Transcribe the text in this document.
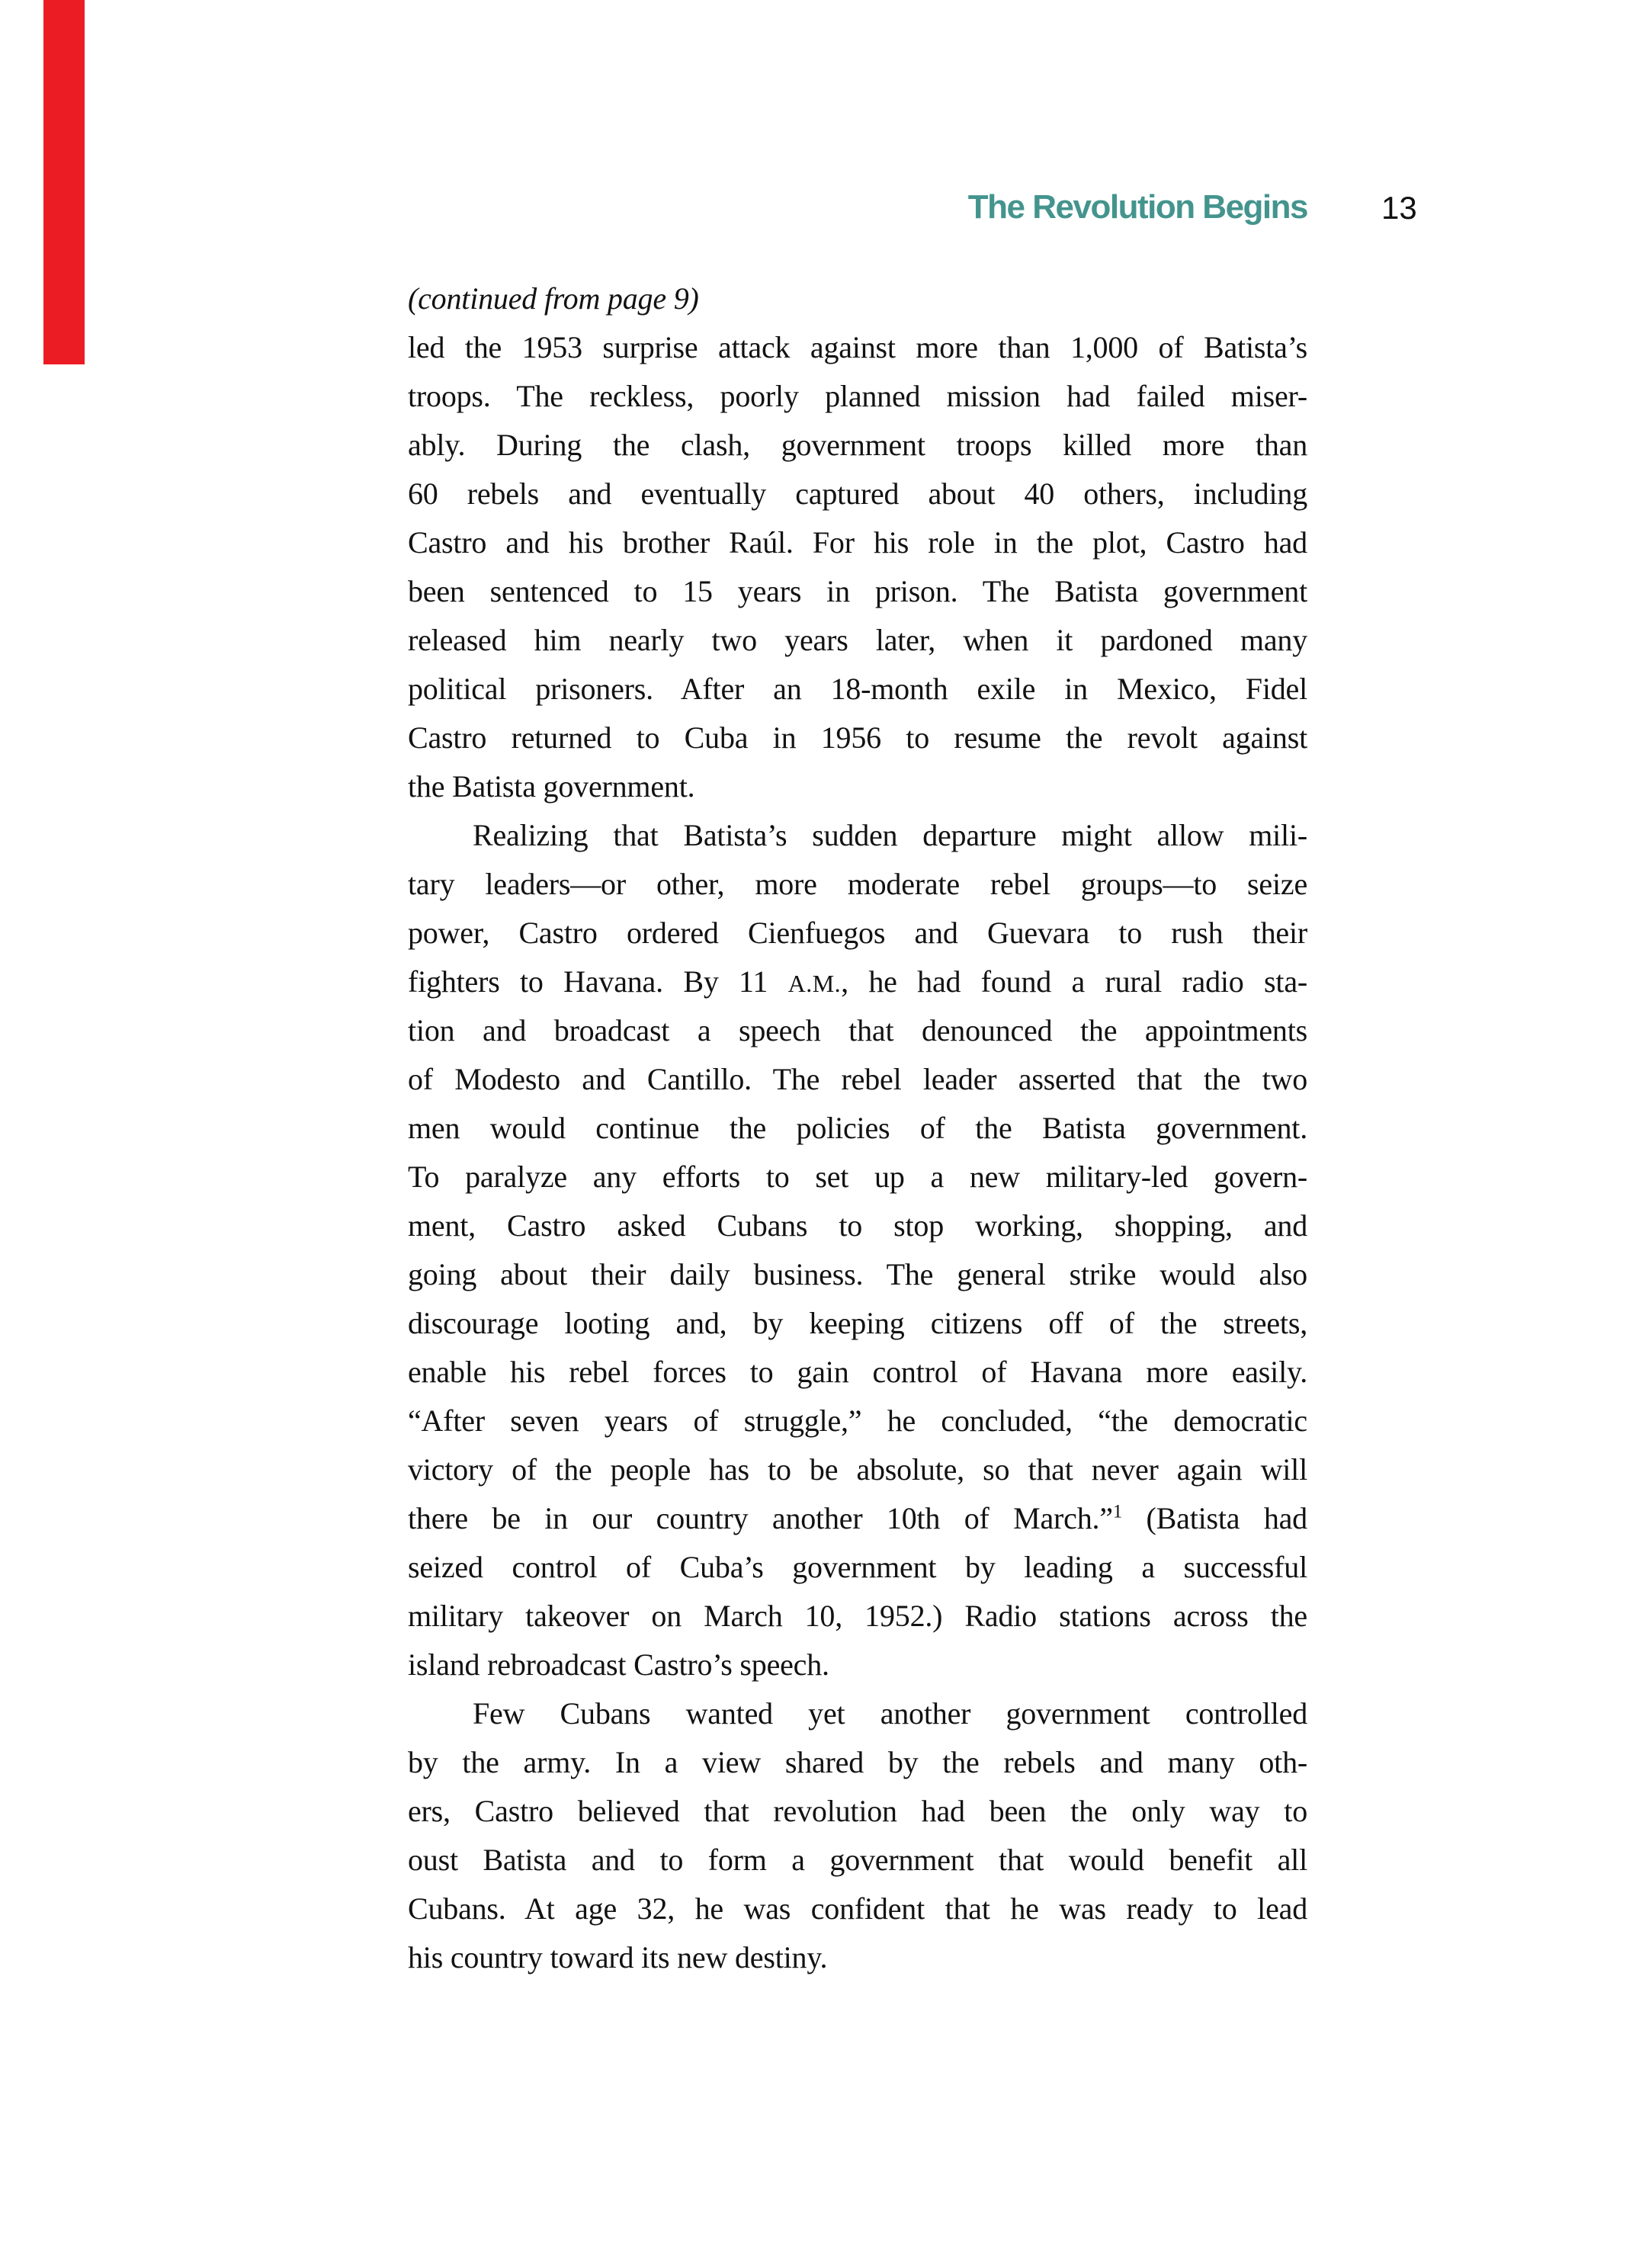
The Revolution Begins 13
(continued from page 9)
led the 1953 surprise attack against more than 1,000 of Batista’s
troops. The reckless, poorly planned mission had failed miser-
ably. During the clash, government troops killed more than
60 rebels and eventually captured about 40 others, including
Castro and his brother Raúl. For his role in the plot, Castro had
been sentenced to 15 years in prison. The Batista government
released him nearly two years later, when it pardoned many
political prisoners. After an 18-month exile in Mexico, Fidel
Castro returned to Cuba in 1956 to resume the revolt against
the Batista government.
Realizing that Batista’s sudden departure might allow mili-
tary leaders—or other, more moderate rebel groups—to seize
power, Castro ordered Cienfuegos and Guevara to rush their
fighters to Havana. By 11 A.M., he had found a rural radio sta-
tion and broadcast a speech that denounced the appointments
of Modesto and Cantillo. The rebel leader asserted that the two
men would continue the policies of the Batista government.
To paralyze any efforts to set up a new military-led govern-
ment, Castro asked Cubans to stop working, shopping, and
going about their daily business. The general strike would also
discourage looting and, by keeping citizens off of the streets,
enable his rebel forces to gain control of Havana more easily.
“After seven years of struggle,” he concluded, “the democratic
victory of the people has to be absolute, so that never again will
there be in our country another 10th of March.”$^1$ (Batista had
seized control of Cuba’s government by leading a successful
military takeover on March 10, 1952.) Radio stations across the
island rebroadcast Castro’s speech.
Few Cubans wanted yet another government controlled
by the army. In a view shared by the rebels and many oth-
ers, Castro believed that revolution had been the only way to
oust Batista and to form a government that would benefit all
Cubans. At age 32, he was confident that he was ready to lead
his country toward its new destiny.
